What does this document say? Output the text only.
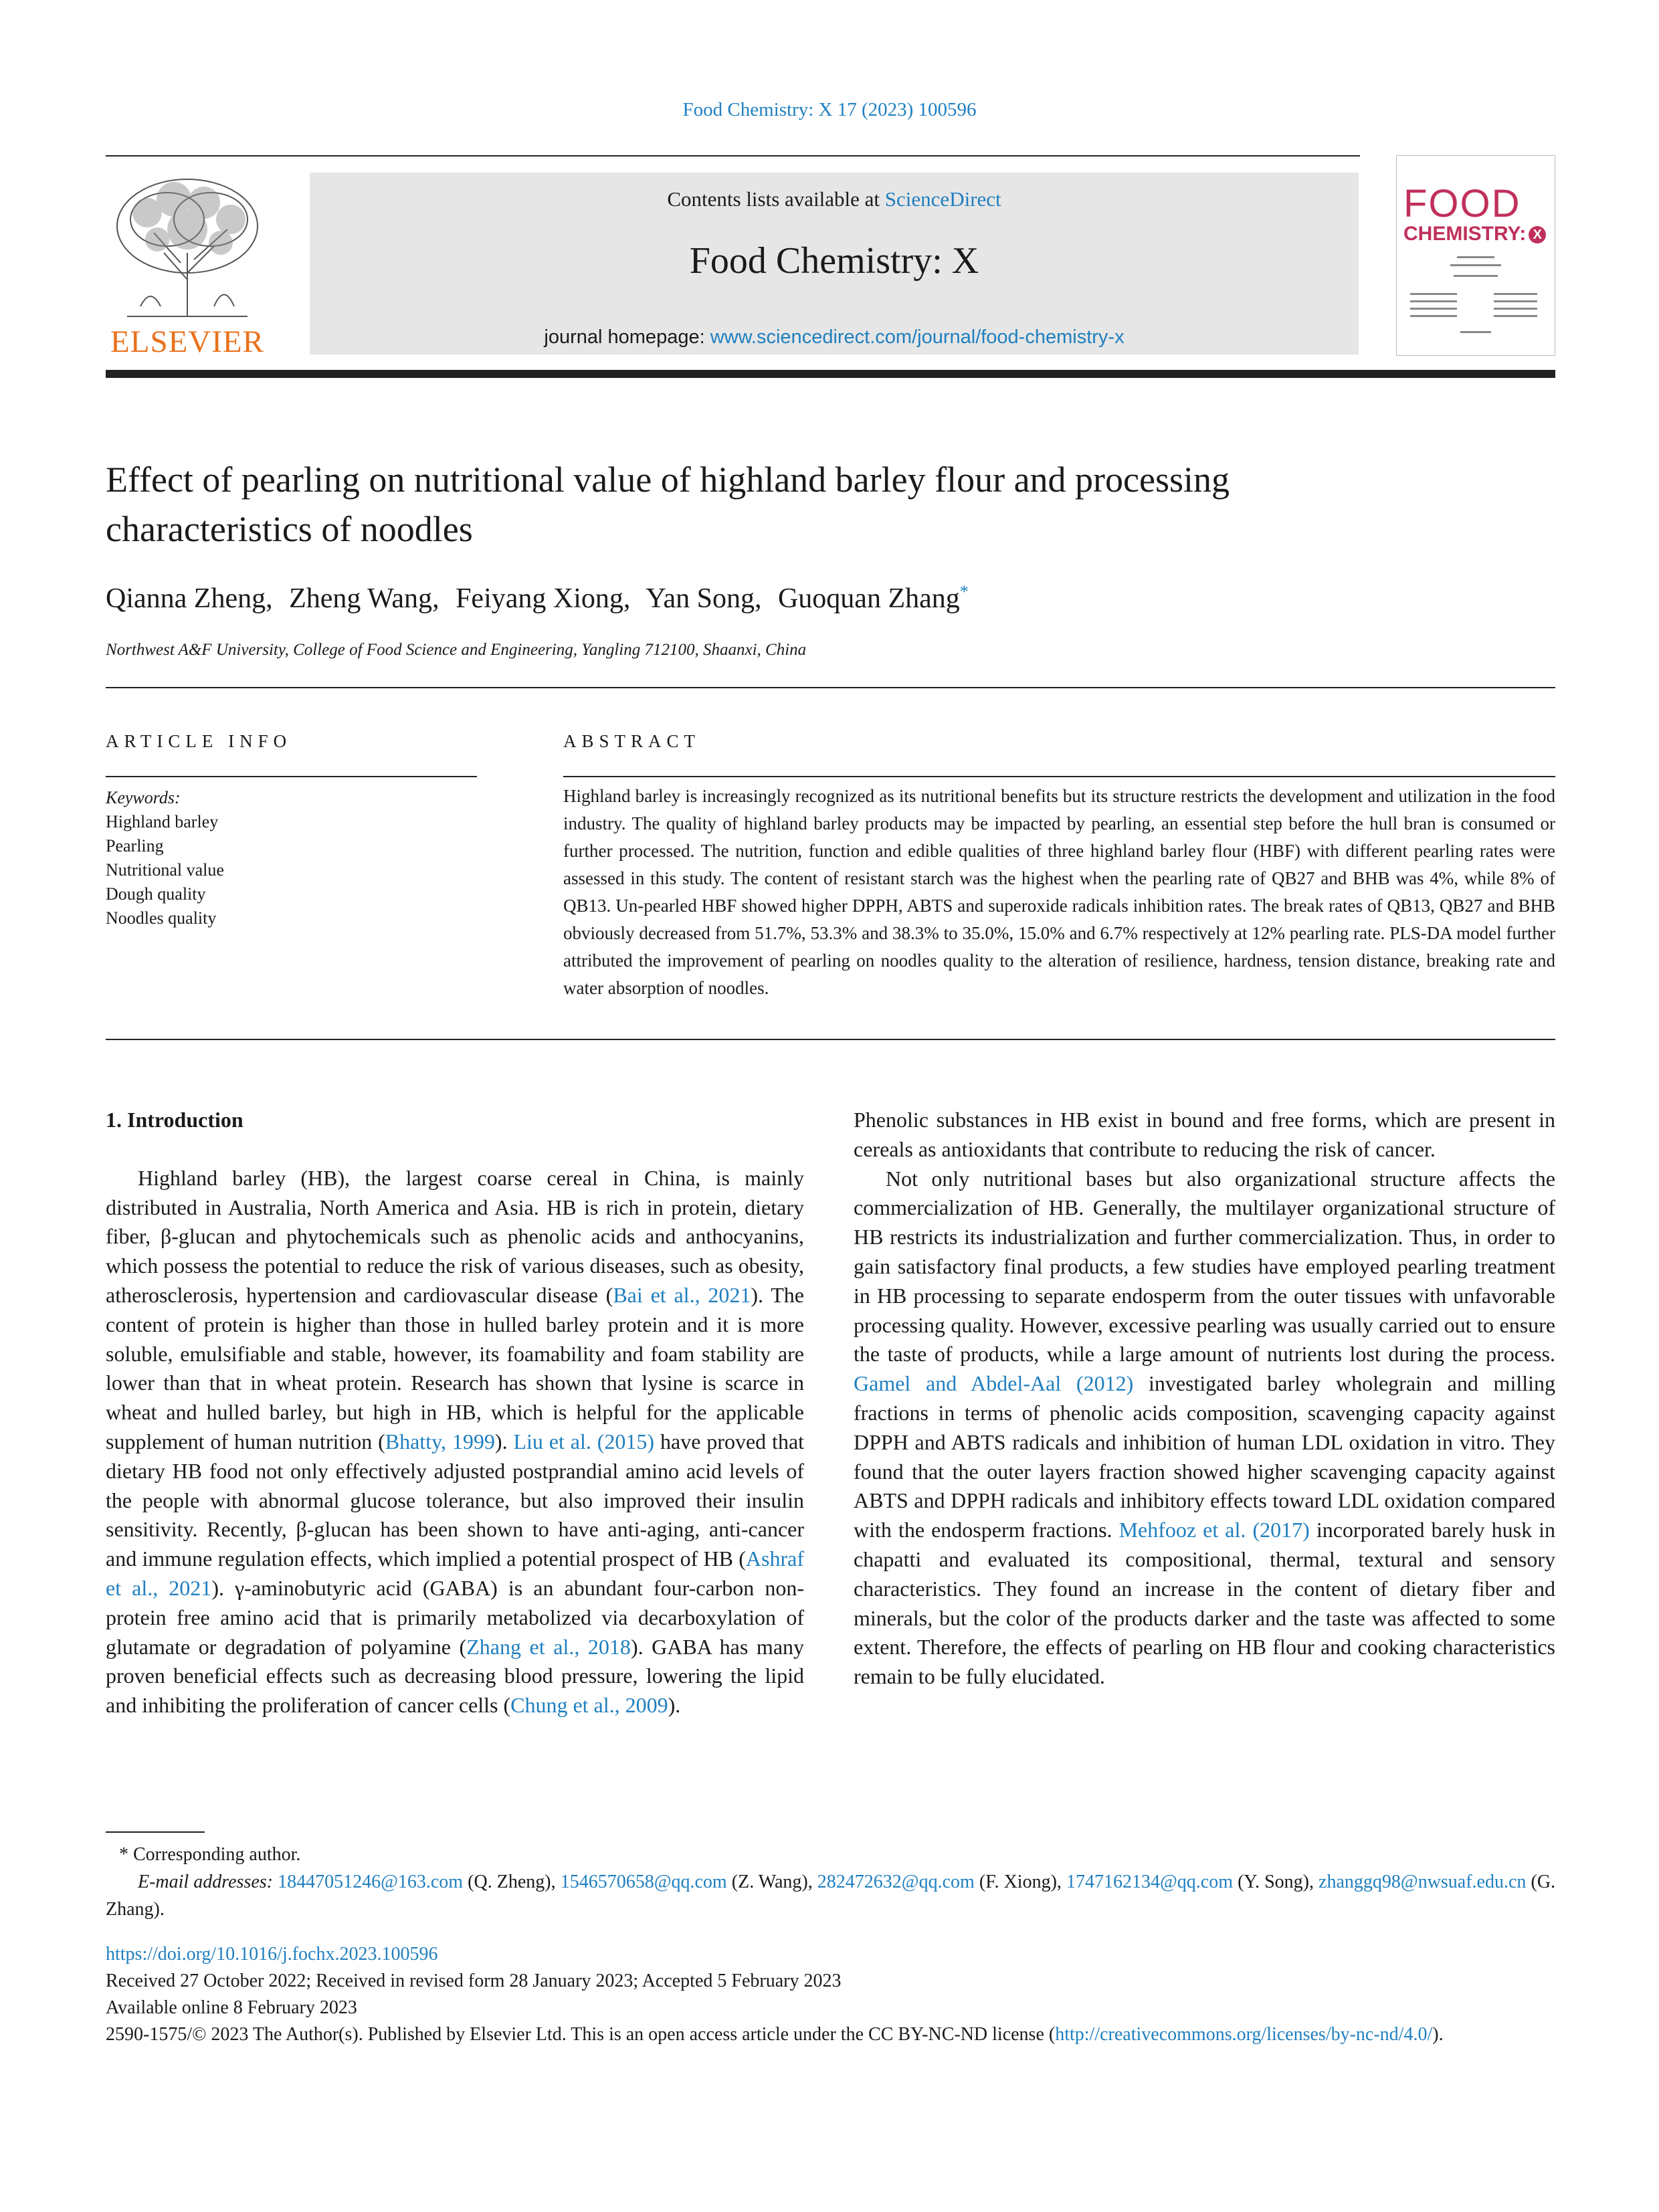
Food Chemistry: X 17 (2023) 100596
ELSEVIER
Contents lists available at ScienceDirect
Food Chemistry: X
journal homepage: www.sciencedirect.com/journal/food-chemistry-x
FOOD
CHEMISTRY: X
Effect of pearling on nutritional value of highland barley flour and processing characteristics of noodles
Qianna Zheng, Zheng Wang, Feiyang Xiong, Yan Song, Guoquan Zhang*
Northwest A&F University, College of Food Science and Engineering, Yangling 712100, Shaanxi, China
ARTICLE INFO
Keywords:
Highland barley
Pearling
Nutritional value
Dough quality
Noodles quality
ABSTRACT
Highland barley is increasingly recognized as its nutritional benefits but its structure restricts the development and utilization in the food industry. The quality of highland barley products may be impacted by pearling, an essential step before the hull bran is consumed or further processed. The nutrition, function and edible qualities of three highland barley flour (HBF) with different pearling rates were assessed in this study. The content of resistant starch was the highest when the pearling rate of QB27 and BHB was 4%, while 8% of QB13. Un-pearled HBF showed higher DPPH, ABTS and superoxide radicals inhibition rates. The break rates of QB13, QB27 and BHB obviously decreased from 51.7%, 53.3% and 38.3% to 35.0%, 15.0% and 6.7% respectively at 12% pearling rate. PLS-DA model further attributed the improvement of pearling on noodles quality to the alteration of resilience, hardness, tension distance, breaking rate and water absorption of noodles.
1. Introduction

Highland barley (HB), the largest coarse cereal in China, is mainly distributed in Australia, North America and Asia. HB is rich in protein, dietary fiber, β-glucan and phytochemicals such as phenolic acids and anthocyanins, which possess the potential to reduce the risk of various diseases, such as obesity, atherosclerosis, hypertension and cardiovascular disease (Bai et al., 2021). The content of protein is higher than those in hulled barley protein and it is more soluble, emulsifiable and stable, however, its foamability and foam stability are lower than that in wheat protein. Research has shown that lysine is scarce in wheat and hulled barley, but high in HB, which is helpful for the applicable supplement of human nutrition (Bhatty, 1999). Liu et al. (2015) have proved that dietary HB food not only effectively adjusted postprandial amino acid levels of the people with abnormal glucose tolerance, but also improved their insulin sensitivity. Recently, β-glucan has been shown to have anti-aging, anti-cancer and immune regulation effects, which implied a potential prospect of HB (Ashraf et al., 2021). γ-aminobutyric acid (GABA) is an abundant four-carbon non-protein free amino acid that is primarily metabolized via decarboxylation of glutamate or degradation of polyamine (Zhang et al., 2018). GABA has many proven beneficial effects such as decreasing blood pressure, lowering the lipid and inhibiting the proliferation of cancer cells (Chung et al., 2009).

Phenolic substances in HB exist in bound and free forms, which are present in cereals as antioxidants that contribute to reducing the risk of cancer.

Not only nutritional bases but also organizational structure affects the commercialization of HB. Generally, the multilayer organizational structure of HB restricts its industrialization and further commercialization. Thus, in order to gain satisfactory final products, a few studies have employed pearling treatment in HB processing to separate endosperm from the outer tissues with unfavorable processing quality. However, excessive pearling was usually carried out to ensure the taste of products, while a large amount of nutrients lost during the process. Gamel and Abdel-Aal (2012) investigated barley wholegrain and milling fractions in terms of phenolic acids composition, scavenging capacity against DPPH and ABTS radicals and inhibition of human LDL oxidation in vitro. They found that the outer layers fraction showed higher scavenging capacity against ABTS and DPPH radicals and inhibitory effects toward LDL oxidation compared with the endosperm fractions. Mehfooz et al. (2017) incorporated barely husk in chapatti and evaluated its compositional, thermal, textural and sensory characteristics. They found an increase in the content of dietary fiber and minerals, but the color of the products darker and the taste was affected to some extent. Therefore, the effects of pearling on HB flour and cooking characteristics remain to be fully elucidated.

* Corresponding author.

E-mail addresses: 18447051246@163.com (Q. Zheng), 1546570658@qq.com (Z. Wang), 282472632@qq.com (F. Xiong), 1747162134@qq.com (Y. Song), zhanggq98@nwsuaf.edu.cn (G. Zhang).

https://doi.org/10.1016/j.fochx.2023.100596

Received 27 October 2022; Received in revised form 28 January 2023; Accepted 5 February 2023

Available online 8 February 2023

2590-1575/© 2023 The Author(s). Published by Elsevier Ltd. This is an open access article under the CC BY-NC-ND license (http://creativecommons.org/licenses/by-nc-nd/4.0/).
